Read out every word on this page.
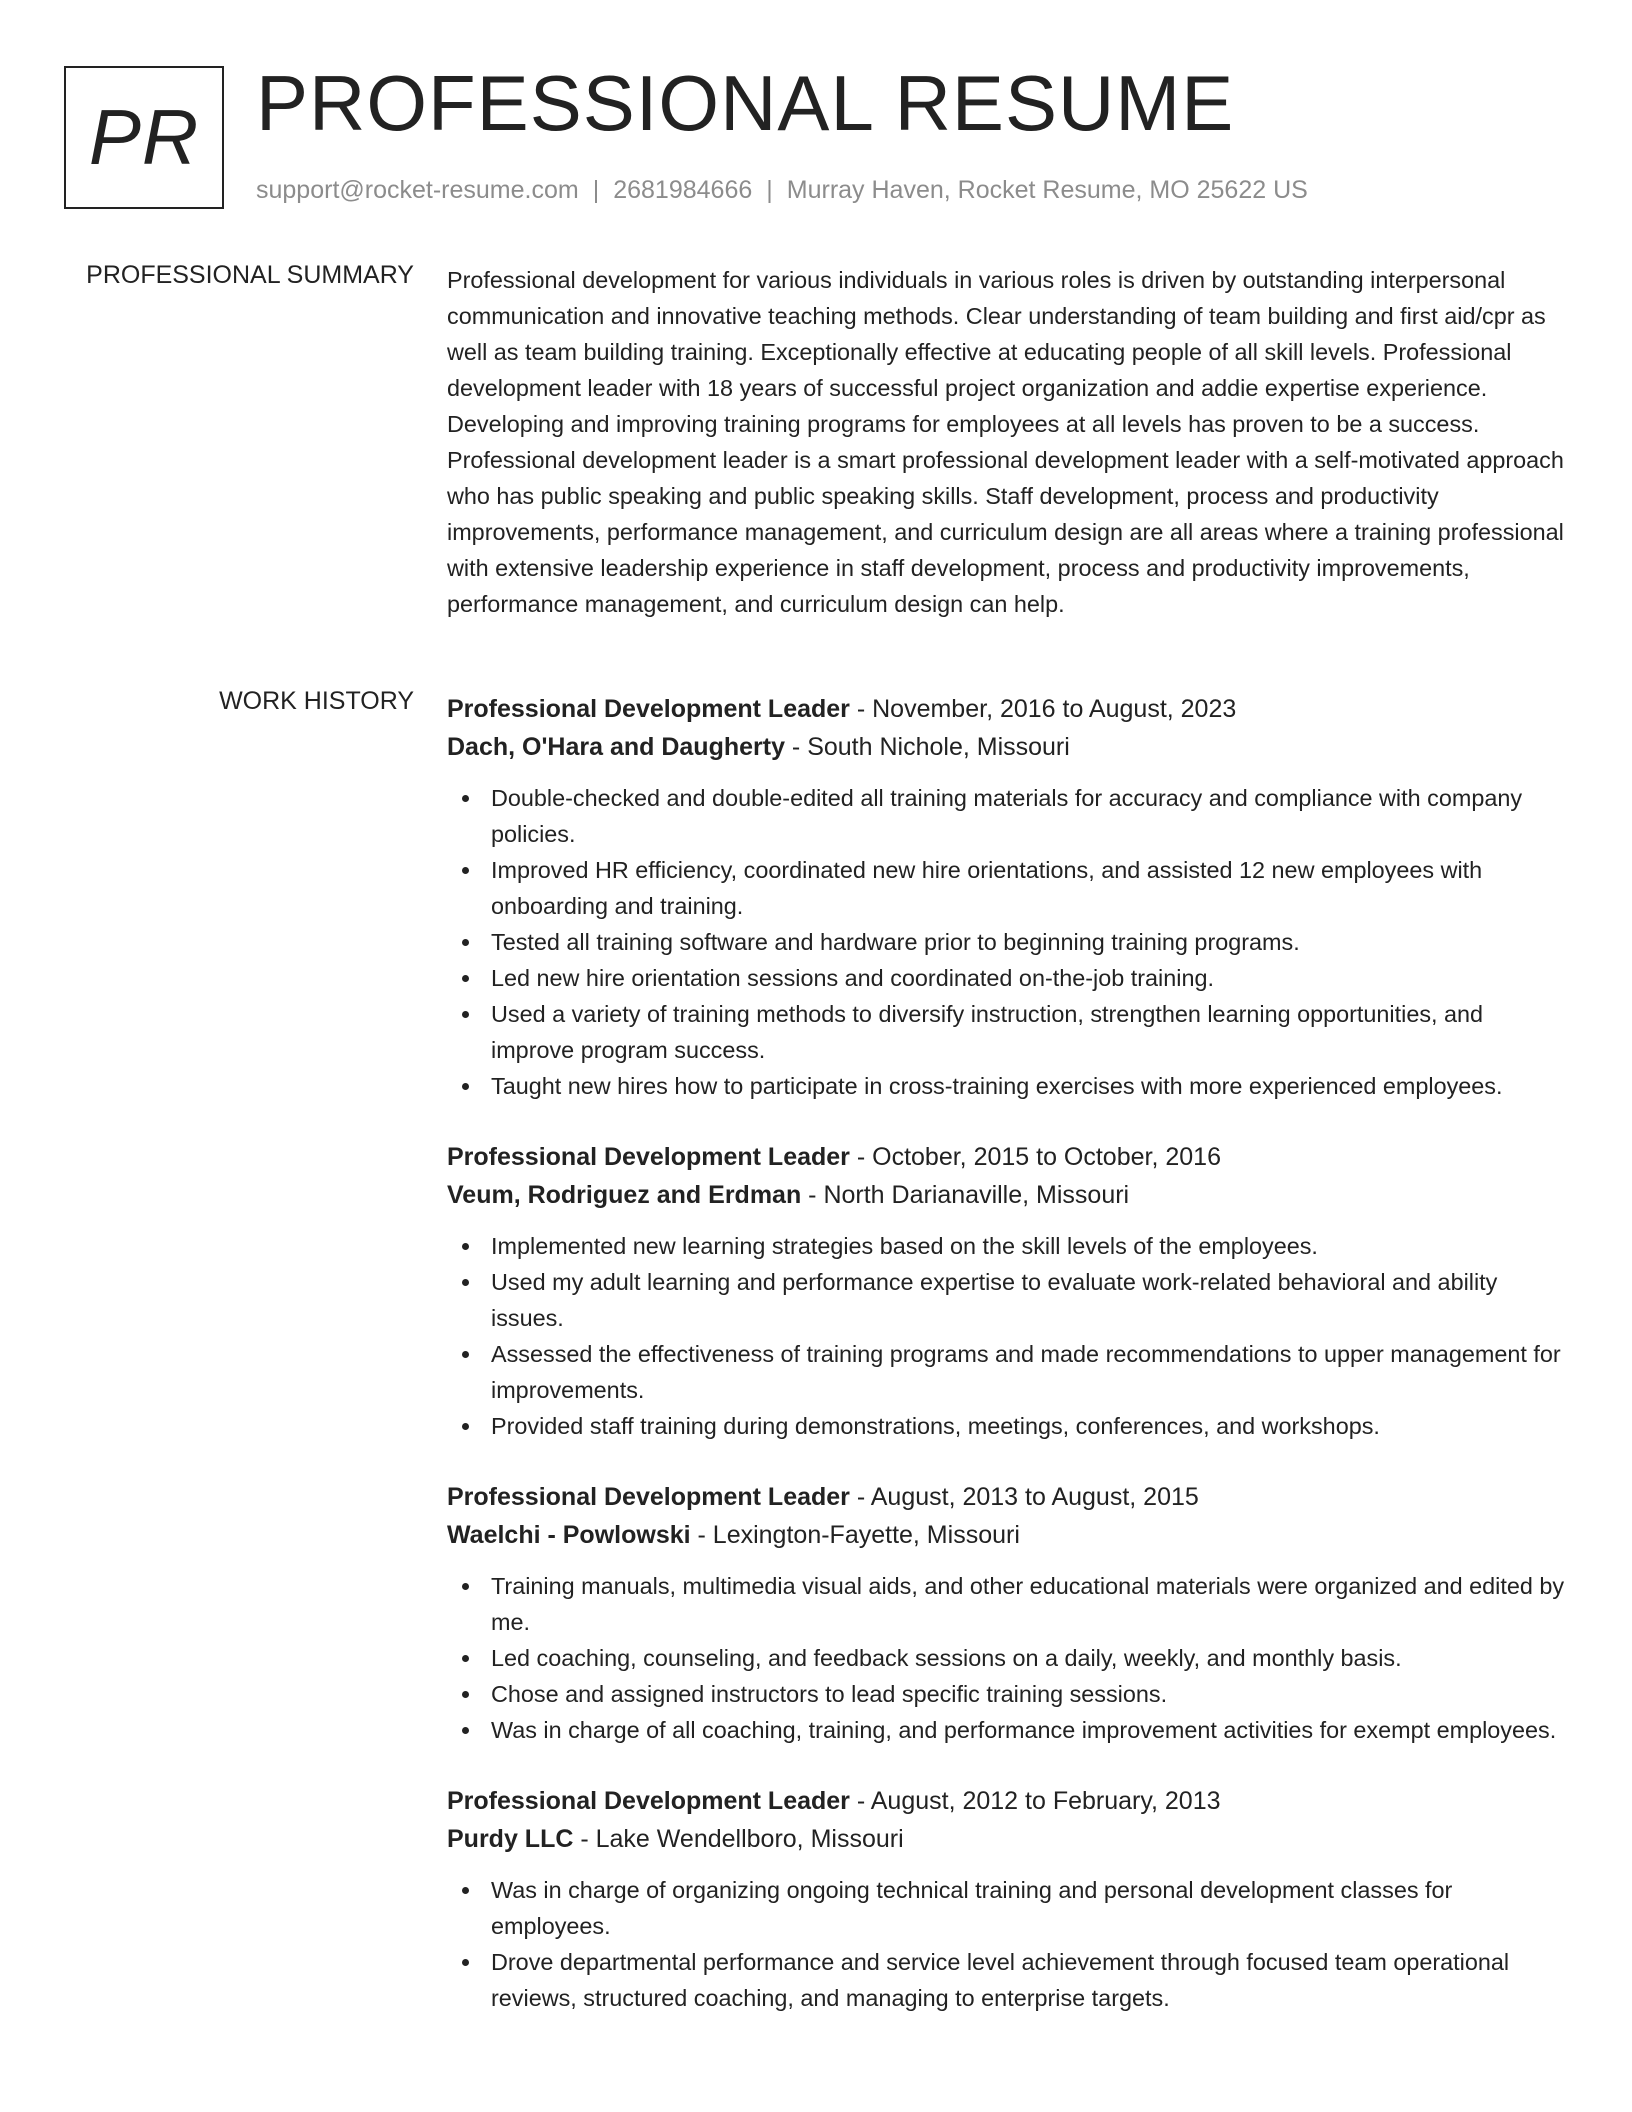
PR PROFESSIONAL RESUME
support@rocket-resume.com | 2681984666 | Murray Haven, Rocket Resume, MO 25622 US
PROFESSIONAL SUMMARY Professional development for various individuals in various roles is driven by outstanding interpersonal communication and innovative teaching methods. Clear understanding of team building and first aid/cpr as well as team building training. Exceptionally effective at educating people of all skill levels. Professional development leader with 18 years of successful project organization and addie expertise experience. Developing and improving training programs for employees at all levels has proven to be a success. Professional development leader is a smart professional development leader with a self-motivated approach who has public speaking and public speaking skills. Staff development, process and productivity improvements, performance management, and curriculum design are all areas where a training professional with extensive leadership experience in staff development, process and productivity improvements, performance management, and curriculum design can help.

WORK HISTORY Professional Development Leader - November, 2016 to August, 2023
Dach, O'Hara and Daugherty - South Nichole, Missouri
Double-checked and double-edited all training materials for accuracy and compliance with company policies.
Improved HR efficiency, coordinated new hire orientations, and assisted 12 new employees with onboarding and training.
Tested all training software and hardware prior to beginning training programs.
Led new hire orientation sessions and coordinated on-the-job training.
Used a variety of training methods to diversify instruction, strengthen learning opportunities, and improve program success.
Taught new hires how to participate in cross-training exercises with more experienced employees.
Professional Development Leader - October, 2015 to October, 2016
Veum, Rodriguez and Erdman - North Darianaville, Missouri
Implemented new learning strategies based on the skill levels of the employees.
Used my adult learning and performance expertise to evaluate work-related behavioral and ability issues.
Assessed the effectiveness of training programs and made recommendations to upper management for improvements.
Provided staff training during demonstrations, meetings, conferences, and workshops.
Professional Development Leader - August, 2013 to August, 2015
Waelchi - Powlowski - Lexington-Fayette, Missouri
Training manuals, multimedia visual aids, and other educational materials were organized and edited by me.
Led coaching, counseling, and feedback sessions on a daily, weekly, and monthly basis.
Chose and assigned instructors to lead specific training sessions.
Was in charge of all coaching, training, and performance improvement activities for exempt employees.
Professional Development Leader - August, 2012 to February, 2013
Purdy LLC - Lake Wendellboro, Missouri
Was in charge of organizing ongoing technical training and personal development classes for employees.
Drove departmental performance and service level achievement through focused team operational reviews, structured coaching, and managing to enterprise targets.
